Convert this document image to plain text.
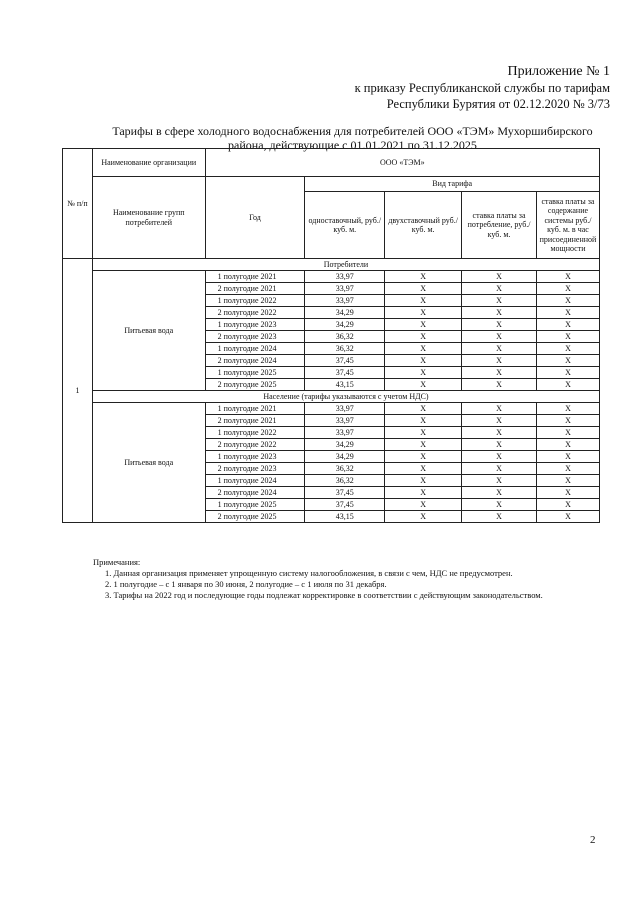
Приложение № 1
к приказу Республиканской службы по тарифам
Республики Бурятия от 02.12.2020 № 3/73
Тарифы в сфере холодного водоснабжения для потребителей ООО «ТЭМ» Мухоршибирского
района, действующие с 01.01.2021 по 31.12.2025
№ п/п	Наименование организации	ООО «ТЭМ»				
	Наименование групп потребителей	Год	Вид тарифа			
			одноставочный, руб./ куб. м.	двухставочный руб./ куб. м.	ставка платы за потребление, руб./ куб. м.	ставка платы за содержание системы руб./куб. м. в час присоединенной мощности
1	Потребители					
	Питьевая вода	1 полугодие 2021	33,97	Х	Х	Х
		2 полугодие 2021	33,97	Х	Х	Х
		1 полугодие 2022	33,97	Х	Х	Х
		2 полугодие 2022	34,29	Х	Х	Х
		1 полугодие 2023	34,29	Х	Х	Х
		2 полугодие 2023	36,32	Х	Х	Х
		1 полугодие 2024	36,32	Х	Х	Х
		2 полугодие 2024	37,45	Х	Х	Х
		1 полугодие 2025	37,45	Х	Х	Х
		2 полугодие 2025	43,15	Х	Х	Х
	Население (тарифы указываются с учетом НДС)					
	Питьевая вода	1 полугодие 2021	33,97	Х	Х	Х
		2 полугодие 2021	33,97	Х	Х	Х
		1 полугодие 2022	33,97	Х	Х	Х
		2 полугодие 2022	34,29	Х	Х	Х
		1 полугодие 2023	34,29	Х	Х	Х
		2 полугодие 2023	36,32	Х	Х	Х
		1 полугодие 2024	36,32	Х	Х	Х
		2 полугодие 2024	37,45	Х	Х	Х
		1 полугодие 2025	37,45	Х	Х	Х
		2 полугодие 2025	43,15	Х	Х	Х

Примечания:

1. Данная организация применяет упрощенную систему налогообложения, в связи с чем, НДС не предусмотрен.

2. 1 полугодие – с 1 января по 30 июня, 2 полугодие – с 1 июля по 31 декабря.

3. Тарифы на 2022 год и последующие годы подлежат корректировке в соответствии с действующим законодательством.

2
